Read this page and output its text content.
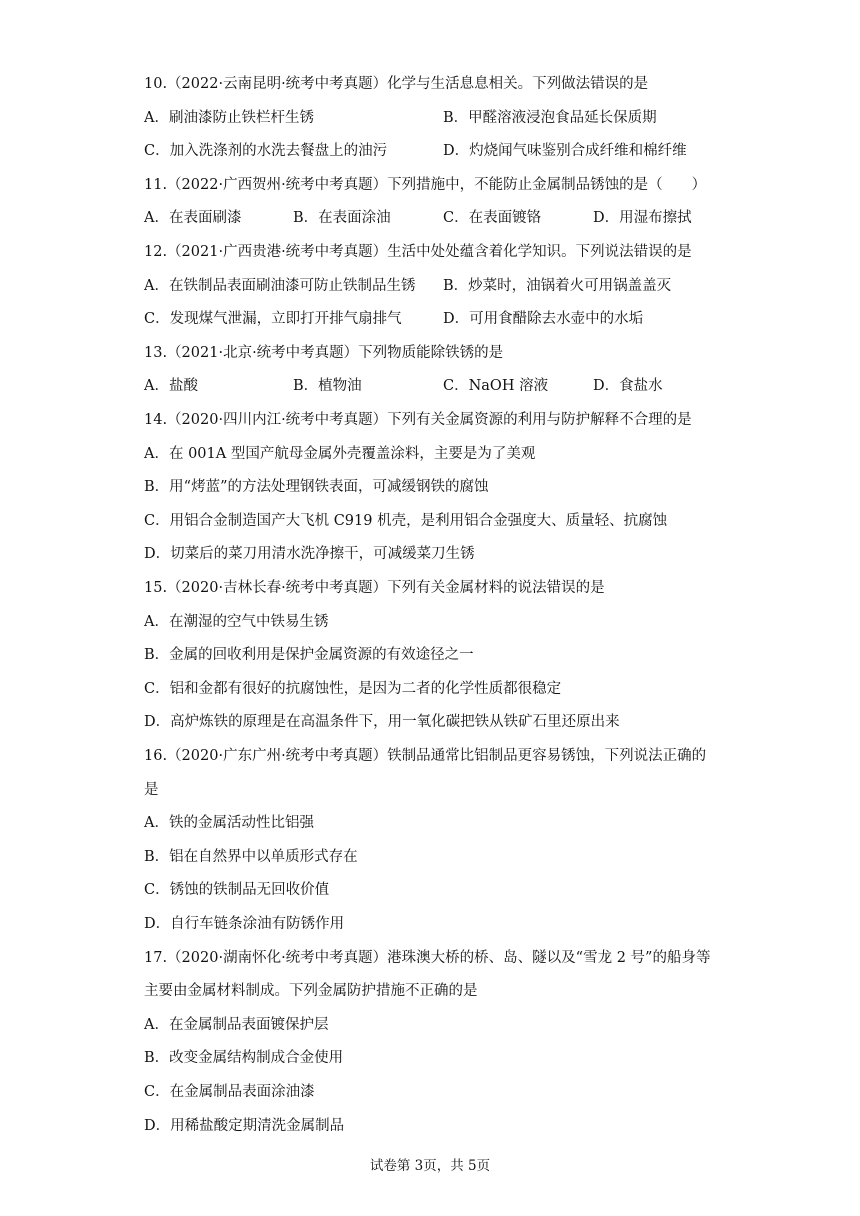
10.（2022·云南昆明·统考中考真题）化学与生活息息相关。下列做法错误的是
A．刷油漆防止铁栏杆生锈	B．甲醛溶液浸泡食品延长保质期
C．加入洗涤剂的水洗去餐盘上的油污	D．灼烧闻气味鉴别合成纤维和棉纤维
11.（2022·广西贺州·统考中考真题）下列措施中，不能防止金属制品锈蚀的是（　　）
A．在表面刷漆	B．在表面涂油	C．在表面镀铬	D．用湿布擦拭
12.（2021·广西贵港·统考中考真题）生活中处处蕴含着化学知识。下列说法错误的是
A．在铁制品表面刷油漆可防止铁制品生锈 B．炒菜时，油锅着火可用锅盖盖灭
C．发现煤气泄漏，立即打开排气扇排气	D．可用食醋除去水壶中的水垢
13.（2021·北京·统考中考真题）下列物质能除铁锈的是
A．盐酸	B．植物油	C．NaOH 溶液	D．食盐水
14.（2020·四川内江·统考中考真题）下列有关金属资源的利用与防护解释不合理的是
A．在 001A 型国产航母金属外壳覆盖涂料，主要是为了美观
B．用“烤蓝”的方法处理钢铁表面，可减缓钢铁的腐蚀
C．用铝合金制造国产大飞机 C919 机壳，是利用铝合金强度大、质量轻、抗腐蚀
D．切菜后的菜刀用清水洗净擦干，可减缓菜刀生锈
15.（2020·吉林长春·统考中考真题）下列有关金属材料的说法错误的是
A．在潮湿的空气中铁易生锈
B．金属的回收利用是保护金属资源的有效途径之一
C．铝和金都有很好的抗腐蚀性，是因为二者的化学性质都很稳定
D．高炉炼铁的原理是在高温条件下，用一氧化碳把铁从铁矿石里还原出来
16.（2020·广东广州·统考中考真题）铁制品通常比铝制品更容易锈蚀，下列说法正确的
是
A．铁的金属活动性比铝强
B．铝在自然界中以单质形式存在
C．锈蚀的铁制品无回收价值
D．自行车链条涂油有防锈作用
17.（2020·湖南怀化·统考中考真题）港珠澳大桥的桥、岛、隧以及“雪龙 2 号”的船身等
主要由金属材料制成。下列金属防护措施不正确的是
A．在金属制品表面镀保护层
B．改变金属结构制成合金使用
C．在金属制品表面涂油漆
D．用稀盐酸定期清洗金属制品
试卷第 3页，共 5页
